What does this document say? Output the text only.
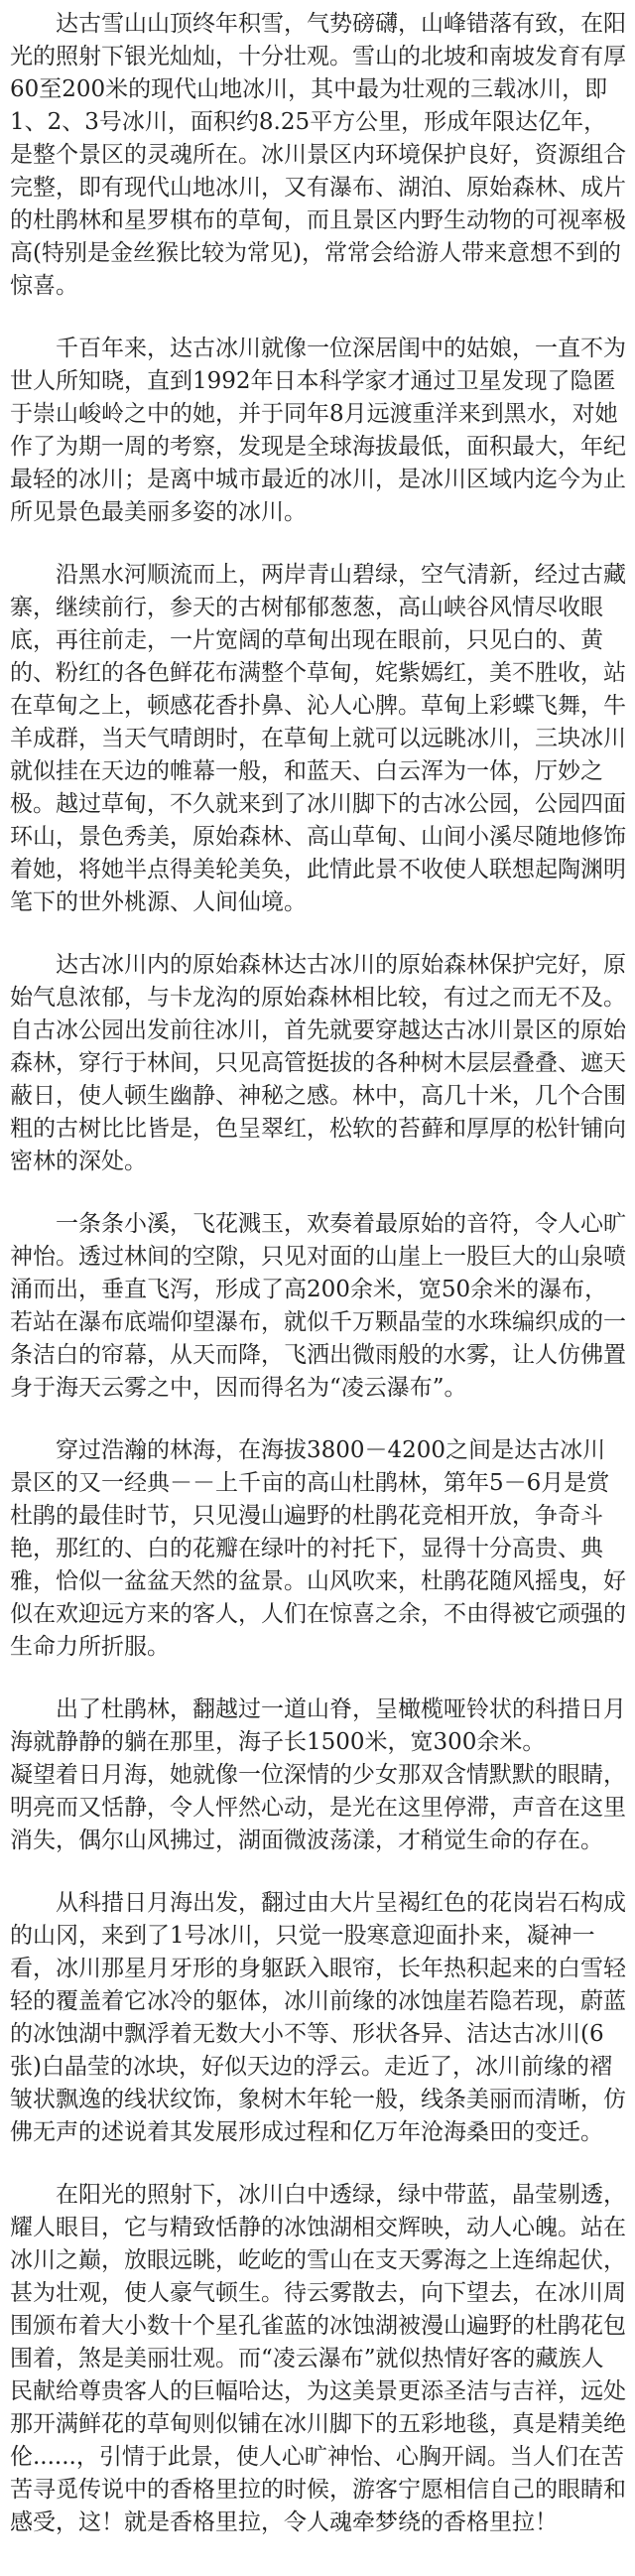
达古雪山山顶终年积雪，气势磅礴，山峰错落有致，在阳光的照射下银光灿灿，十分壮观。雪山的北坡和南坡发育有厚60至200米的现代山地冰川，其中最为壮观的三载冰川，即1、2、3号冰川，面积约8.25平方公里，形成年限达亿年，是整个景区的灵魂所在。冰川景区内环境保护良好，资源组合完整，即有现代山地冰川，又有瀑布、湖泊、原始森林、成片的杜鹃林和星罗棋布的草甸，而且景区内野生动物的可视率极高(特别是金丝猴比较为常见)，常常会给游人带来意想不到的惊喜。

千百年来，达古冰川就像一位深居闺中的姑娘，一直不为世人所知晓，直到1992年日本科学家才通过卫星发现了隐匿于崇山峻岭之中的她，并于同年8月远渡重洋来到黑水，对她作了为期一周的考察，发现是全球海拔最低，面积最大，年纪最轻的冰川；是离中城市最近的冰川，是冰川区域内迄今为止所见景色最美丽多姿的冰川。

沿黑水河顺流而上，两岸青山碧绿，空气清新，经过古藏寨，继续前行，参天的古树郁郁葱葱，高山峡谷风情尽收眼底，再往前走，一片宽阔的草甸出现在眼前，只见白的、黄的、粉红的各色鲜花布满整个草甸，姹紫嫣红，美不胜收，站在草甸之上，顿感花香扑鼻、沁人心脾。草甸上彩蝶飞舞，牛羊成群，当天气晴朗时，在草甸上就可以远眺冰川，三块冰川就似挂在天边的帷幕一般，和蓝天、白云浑为一体，厅妙之极。越过草甸，不久就来到了冰川脚下的古冰公园，公园四面环山，景色秀美，原始森林、高山草甸、山间小溪尽随地修饰着她，将她半点得美轮美奂，此情此景不收使人联想起陶渊明笔下的世外桃源、人间仙境。

达古冰川内的原始森林达古冰川的原始森林保护完好，原始气息浓郁，与卡龙沟的原始森林相比较，有过之而无不及。自古冰公园出发前往冰川，首先就要穿越达古冰川景区的原始森林，穿行于林间，只见高管挺拔的各种树木层层叠叠、遮天蔽日，使人顿生幽静、神秘之感。林中，高几十米，几个合围粗的古树比比皆是，色呈翠红，松软的苔藓和厚厚的松针铺向密林的深处。

一条条小溪，飞花溅玉，欢奏着最原始的音符，令人心旷神怡。透过林间的空隙，只见对面的山崖上一股巨大的山泉喷涌而出，垂直飞泻，形成了高200余米，宽50余米的瀑布，若站在瀑布底端仰望瀑布，就似千万颗晶莹的水珠编织成的一条洁白的帘幕，从天而降，飞洒出微雨般的水雾，让人仿佛置身于海天云雾之中，因而得名为“凌云瀑布”。

穿过浩瀚的林海，在海拔3800－4200之间是达古冰川景区的又一经典－－上千亩的高山杜鹃林，第年5－6月是赏杜鹃的最佳时节，只见漫山遍野的杜鹃花竞相开放，争奇斗艳，那红的、白的花瓣在绿叶的衬托下，显得十分高贵、典雅，恰似一盆盆天然的盆景。山风吹来，杜鹃花随风摇曳，好似在欢迎远方来的客人，人们在惊喜之余，不由得被它顽强的生命力所折服。

出了杜鹃林，翻越过一道山脊，呈橄榄哑铃状的科措日月海就静静的躺在那里，海子长1500米，宽300余米。
凝望着日月海，她就像一位深情的少女那双含情默默的眼睛，明亮而又恬静，令人怦然心动，是光在这里停滞，声音在这里消失，偶尔山风拂过，湖面微波荡漾，才稍觉生命的存在。

从科措日月海出发，翻过由大片呈褐红色的花岗岩石构成的山冈，来到了1号冰川，只觉一股寒意迎面扑来，凝神一看，冰川那星月牙形的身躯跃入眼帘，长年热积起来的白雪轻轻的覆盖着它冰冷的躯体，冰川前缘的冰蚀崖若隐若现，蔚蓝的冰蚀湖中飘浮着无数大小不等、形状各异、洁达古冰川(6张)白晶莹的冰块，好似天边的浮云。走近了，冰川前缘的褶皱状飘逸的线状纹饰，象树木年轮一般，线条美丽而清晰，仿佛无声的述说着其发展形成过程和亿万年沧海桑田的变迁。

在阳光的照射下，冰川白中透绿，绿中带蓝，晶莹剔透，耀人眼目，它与精致恬静的冰蚀湖相交辉映，动人心魄。站在冰川之巅，放眼远眺，屹屹的雪山在支天雾海之上连绵起伏，甚为壮观，使人豪气顿生。待云雾散去，向下望去，在冰川周围颁布着大小数十个星孔雀蓝的冰蚀湖被漫山遍野的杜鹃花包围着，煞是美丽壮观。而“凌云瀑布”就似热情好客的藏族人民献给尊贵客人的巨幅哈达，为这美景更添圣洁与吉祥，远处那开满鲜花的草甸则似铺在冰川脚下的五彩地毯，真是精美绝伦......，引情于此景，使人心旷神怡、心胸开阔。当人们在苦苦寻觅传说中的香格里拉的时候，游客宁愿相信自己的眼睛和感受，这！就是香格里拉，令人魂牵梦绕的香格里拉！
